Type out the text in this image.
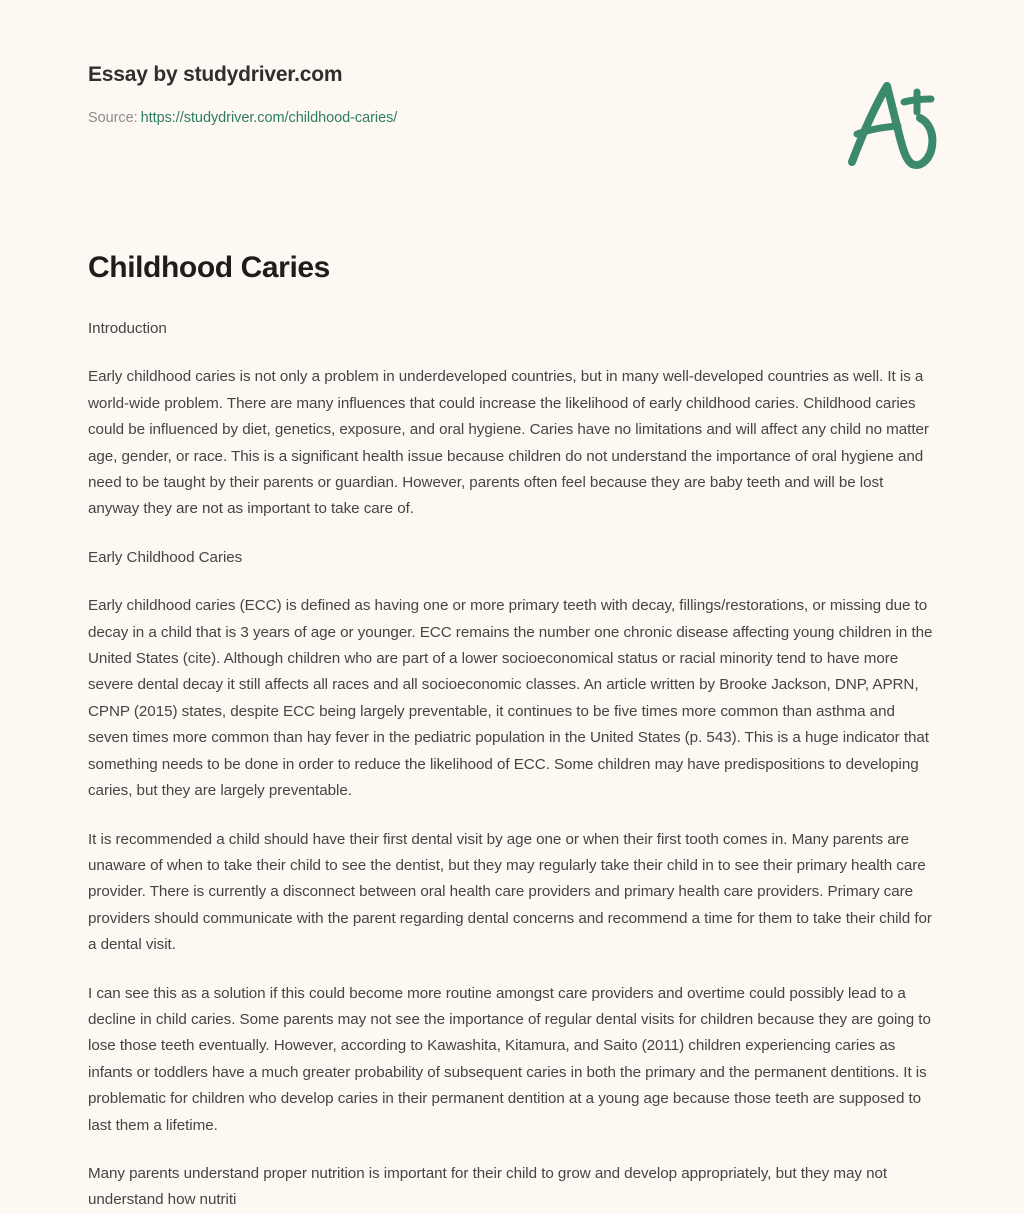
Essay by studydriver.com
Source: https://studydriver.com/childhood-caries/
Childhood Caries
Introduction

Early childhood caries is not only a problem in underdeveloped countries, but in many well-developed countries as well. It is a world-wide problem. There are many influences that could increase the likelihood of early childhood caries. Childhood caries could be influenced by diet, genetics, exposure, and oral hygiene. Caries have no limitations and will affect any child no matter age, gender, or race. This is a significant health issue because children do not understand the importance of oral hygiene and need to be taught by their parents or guardian. However, parents often feel because they are baby teeth and will be lost anyway they are not as important to take care of.

Early Childhood Caries

Early childhood caries (ECC) is defined as having one or more primary teeth with decay, fillings/restorations, or missing due to decay in a child that is 3 years of age or younger. ECC remains the number one chronic disease affecting young children in the United States (cite). Although children who are part of a lower socioeconomical status or racial minority tend to have more severe dental decay it still affects all races and all socioeconomic classes. An article written by Brooke Jackson, DNP, APRN, CPNP (2015) states, despite ECC being largely preventable, it continues to be five times more common than asthma and seven times more common than hay fever in the pediatric population in the United States (p. 543). This is a huge indicator that something needs to be done in order to reduce the likelihood of ECC. Some children may have predispositions to developing caries, but they are largely preventable.

It is recommended a child should have their first dental visit by age one or when their first tooth comes in. Many parents are unaware of when to take their child to see the dentist, but they may regularly take their child in to see their primary health care provider. There is currently a disconnect between oral health care providers and primary health care providers. Primary care providers should communicate with the parent regarding dental concerns and recommend a time for them to take their child for a dental visit.

I can see this as a solution if this could become more routine amongst care providers and overtime could possibly lead to a decline in child caries. Some parents may not see the importance of regular dental visits for children because they are going to lose those teeth eventually. However, according to Kawashita, Kitamura, and Saito (2011) children experiencing caries as infants or toddlers have a much greater probability of subsequent caries in both the primary and the permanent dentitions. It is problematic for children who develop caries in their permanent dentition at a young age because those teeth are supposed to last them a lifetime.

Many parents understand proper nutrition is important for their child to grow and develop appropriately, but they may not understand how nutriti
